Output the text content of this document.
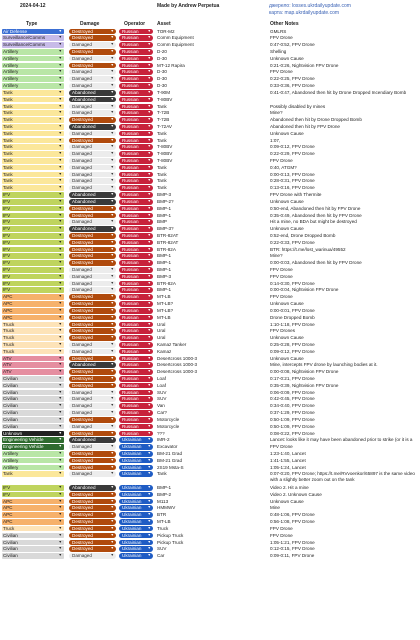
2024-04-12	Made by Andrew Perpetua	джерело: losses.ukrdailyupdate.com
карта: map.ukrdailyupdate.com
Type	Damage	Operator Asset	Other Notes
Air Defense	▼	Destroyed	▼	Russian	▼ TOR-M2	GMLRS
Surveillance/Comms	▼	Destroyed	▼	Russian	▼ Comm Equipment	FPV Drone
Surveillance/Comms	▼	Damaged	▼	Russian	▼ Comm Equipment	0:47-0:52, FPV Drone
Artillery	▼	Destroyed	▼	Russian	▼ D-20	Shelling
Artillery	▼	Damaged	▼	Russian	▼ D-30	Unknown Cause
Artillery	▼	Destroyed	▼	Russian	▼ MT-12 Rapira	0:21-0:26, Nightvision FPV Drone
Artillery	▼	Damaged	▼	Russian	▼ D-30	FPV Drone
Artillery	▼	Damaged	▼	Russian	▼ D-30	0:22-0:25, FPV Drone
Artillery	▼	Damaged	▼	Russian	▼ D-30	0:33-0:36, FPV Drone
Tank	▼	Abandoned	▼	Russian	▼ T-90M	0:41-0:47, Abandoned then hit by Drone Dropped Incendiary Bomb
Tank	▼	Abandoned	▼	Russian	▼ T-80BV
Tank	▼	Damaged	▼	Russian	▼ Tank	Possibly disabled by mines
Tank	▼	Damaged	▼	Russian	▼ T-72B	Mine?
Tank	▼	Destroyed	▼	Russian	▼ T-72B	Abandoned then hit by Drone Dropped Bomb
Tank	▼	Abandoned	▼	Russian	▼ T-72AV	Abandoned then hit by FPV Drone
Tank	▼	Damaged	▼	Russian	▼ Tank	Unknown Cause
Tank	▼	Destroyed	▼	Russian	▼ Tank	1:07,
Tank	▼	Damaged	▼	Russian	▼ T-80BV	0:09-0:12, FPV Drone
Tank	▼	Damaged	▼	Russian	▼ T-80BV	0:22-0:29, FPV Drone
Tank	▼	Damaged	▼	Russian	▼ T-80BV	FPV Drone
Tank	▼	Damaged	▼	Russian	▼ Tank	0:40, ATGM?
Tank	▼	Damaged	▼	Russian	▼ Tank	0:00-0:13, FPV Drone
Tank	▼	Damaged	▼	Russian	▼ Tank	0:28-0:31, FPV Drone
Tank	▼	Damaged	▼	Russian	▼ Tank	0:13-0:16, FPV Drone
IFV	▼	Abandoned	▼	Russian	▼ BMP-3	FPV Drone with Thermite
IFV	▼	Abandoned	▼	Russian	▼ BMP-2?	Unknown Cause
IFV	▼	Destroyed	▼	Russian	▼ BMP-1	0:50-end, Abandoned then hit by FPV Drone
IFV	▼	Destroyed	▼	Russian	▼ BMP-1	0:35-0:49, Abandoned then hit by FPV Drone
IFV	▼	Damaged	▼	Russian	▼ BMP	Hit a mine, no BDA but might be destroyed
IFV	▼	Abandoned	▼	Russian	▼ BMP-3?	Unknown Cause
IFV	▼	Destroyed	▼	Russian	▼ BTR-82AT	0:52-end, Drone Dropped Bomb
IFV	▼	Destroyed	▼	Russian	▼ BTR-82AT	0:22-0:33, FPV Drone
IFV	▼	Destroyed	▼	Russian	▼ BTR-82A	BTR: https://t.me/lost_warinua/49552
IFV	▼	Destroyed	▼	Russian	▼ BMP-1	Mine?
IFV	▼	Destroyed	▼	Russian	▼ BMP-1	0:00-0:03, Abandoned then hit by FPV Drone
IFV	▼	Damaged	▼	Russian	▼ BMP-1	FPV Drone
IFV	▼	Damaged	▼	Russian	▼ BMP-3	FPV Drone
IFV	▼	Damaged	▼	Russian	▼ BTR-82A	0:14-0:30, FPV Drone
IFV	▼	Damaged	▼	Russian	▼ BMP-1	0:00-0:04, Nightvision FPV Drone
APC	▼	Destroyed	▼	Russian	▼ MT-LB	FPV Drone
APC	▼	Destroyed	▼	Russian	▼ MT-LB?	Unknown Cause
APC	▼	Destroyed	▼	Russian	▼ MT-LB?	0:00-0:01, FPV Drone
APC	▼	Destroyed	▼	Russian	▼ MT-LB	Drone Dropped Bomb
Truck	▼	Destroyed	▼	Russian	▼ Ural	1:10-1:18, FPV Drone
Truck	▼	Destroyed	▼	Russian	▼ Ural	FPV Drones
Truck	▼	Destroyed	▼	Russian	▼ Ural	Unknown Cause
Truck	▼	Damaged	▼	Russian	▼ Kamaz Tanker	0:25-0:28, FPV Drone
Truck	▼	Damaged	▼	Russian	▼ Kamaz	0:09-0:12, FPV Drone
ATV	▼	Destroyed	▼	Russian	▼ Desertcross 1000-3	Unknown Cause
ATV	▼	Abandoned	▼	Russian	▼ Desertcross 1000-3	Mine, intercepts FPV drone by launching bodies at it.
ATV	▼	Destroyed	▼	Russian	▼ Desertcross 1000-3	0:00-0:08, Nightvision FPV Drone
Civilian	▼	Destroyed	▼	Russian	▼ Loaf	0:17-0:21, FPV Drone
Civilian	▼	Destroyed	▼	Russian	▼ Loaf	0:35-0:39, Nightvision FPV Drone
Civilian	▼	Damaged	▼	Russian	▼ SUV	0:06-0:09, FPV Drone
Civilian	▼	Damaged	▼	Russian	▼ SUV	0:42-0:45, FPV Drone
Civilian	▼	Damaged	▼	Russian	▼ Van	0:34-0:40, FPV Drone
Civilian	▼	Damaged	▼	Russian	▼ Car?	0:37-1:29, FPV Drone
Civilian	▼	Destroyed	▼	Russian	▼ Motorcycle	0:50-1:09, FPV Drone
Civilian	▼	Damaged	▼	Russian	▼ Motorcycle	0:50-1:09, FPV Drone
Unknown	▼	Destroyed	▼	Russian	▼ ???	0:08-0:22, FPV Drone
Engineering Vehicle	▼	Abandoned	▼	Ukrainian ▼ IMR-2	Lancet: looks like it may have been abandoned prior to strike (or it is a
Engineering Vehicle	▼	Damaged	▼	Ukrainian ▼ Excavator	FPV Drone
Artillery	▼	Destroyed	▼	Ukrainian ▼ BM-21 Grad	1:23-1:40, Lancet
Artillery	▼	Destroyed	▼	Ukrainian ▼ BM-21 Grad	1:41-1:55, Lancet
Artillery	▼	Destroyed	▼	Ukrainian ▼ 2S19 Msta-S	1:05-1:24, Lancet
Tank	▼	Damaged	▼	Ukrainian ▼ Tank	0:07-0:20, FPV Drone; https://t.me/RVvoenkor/65897 is the same video with a slightly better zoom out on the tank
IFV	▼	Abandoned	▼	Ukrainian ▼ BMP-1	Video 2. Hit a mine
IFV	▼	Destroyed	▼	Ukrainian ▼ BMP-2	Video 2. Unknown Cause
APC	▼	Destroyed	▼	Ukrainian ▼ M113	Unknown Cause
APC	▼	Destroyed	▼	Ukrainian ▼ HMMWV	Mine
APC	▼	Destroyed	▼	Ukrainian ▼ BTR	0:48-1:06, FPV Drone
APC	▼	Destroyed	▼	Ukrainian ▼ MT-LB	0:56-1:08, FPV Drone
Truck	▼	Destroyed	▼	Ukrainian ▼ Truck	FPV Drone
Civilian	▼	Destroyed	▼	Ukrainian ▼ Pickup Truck	FPV Drone
Civilian	▼	Destroyed	▼	Ukrainian ▼ Pickup Truck	1:05-1:21, FPV Drone
Civilian	▼	Destroyed	▼	Ukrainian ▼ SUV	0:12-0:15, FPV Drone
Civilian	▼	Damaged	▼	Ukrainian ▼ Car	0:09-0:11, FPV Drone
